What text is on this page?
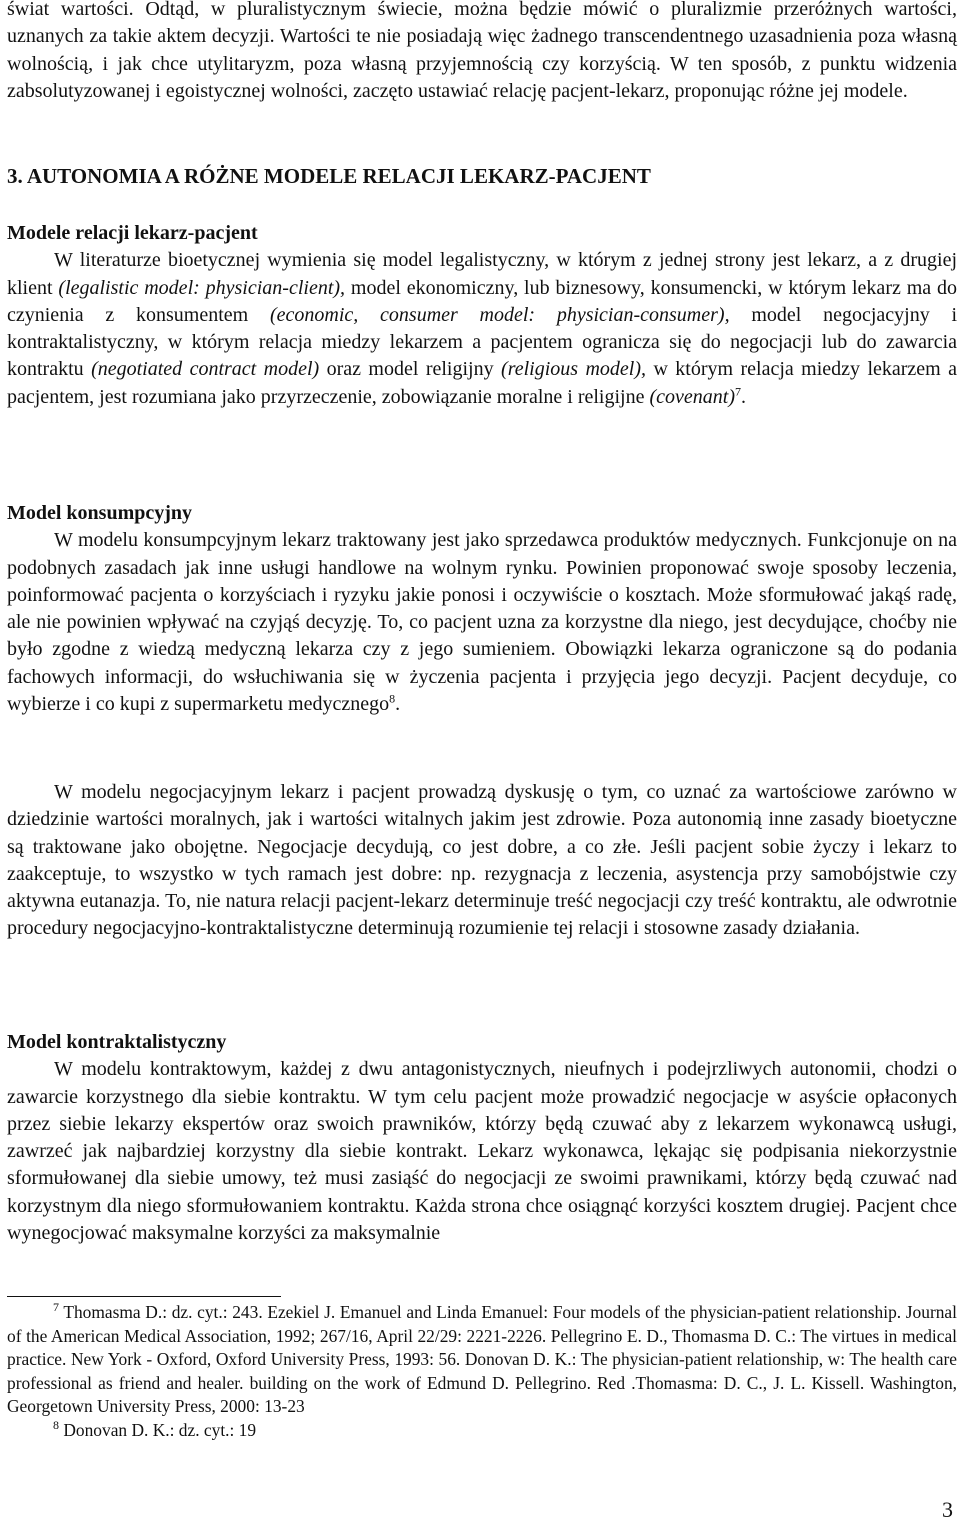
świat wartości. Odtąd, w pluralistycznym świecie, można będzie mówić o pluralizmie przeróżnych wartości, uznanych za takie aktem decyzji. Wartości te nie posiadają więc żadnego transcendentnego uzasadnienia poza własną wolnością, i jak chce utylitaryzm, poza własną przyjemnością czy korzyścią. W ten sposób, z punktu widzenia zabsolutyzowanej i egoistycznej wolności, zaczęto ustawiać relację pacjent-lekarz, proponując różne jej modele.

3. AUTONOMIA A RÓŻNE MODELE RELACJI LEKARZ-PACJENT
Modele relacji lekarz-pacjent

W literaturze bioetycznej wymienia się model legalistyczny, w którym z jednej strony jest lekarz, a z drugiej klient (legalistic model: physician-client), model ekonomiczny, lub biznesowy, konsumencki, w którym lekarz ma do czynienia z konsumentem (economic, consumer model: physician-consumer), model negocjacyjny i kontraktalistyczny, w którym relacja miedzy lekarzem a pacjentem ogranicza się do negocjacji lub do zawarcia kontraktu (negotiated contract model) oraz model religijny (religious model), w którym relacja miedzy lekarzem a pacjentem, jest rozumiana jako przyrzeczenie, zobowiązanie moralne i religijne (covenant)$^7$.

Model konsumpcyjny

W modelu konsumpcyjnym lekarz traktowany jest jako sprzedawca produktów medycznych. Funkcjonuje on na podobnych zasadach jak inne usługi handlowe na wolnym rynku. Powinien proponować swoje sposoby leczenia, poinformować pacjenta o korzyściach i ryzyku jakie ponosi i oczywiście o kosztach. Może sformułować jakąś radę, ale nie powinien wpływać na czyjąś decyzję. To, co pacjent uzna za korzystne dla niego, jest decydujące, choćby nie było zgodne z wiedzą medyczną lekarza czy z jego sumieniem. Obowiązki lekarza ograniczone są do podania fachowych informacji, do wsłuchiwania się w życzenia pacjenta i przyjęcia jego decyzji. Pacjent decyduje, co wybierze i co kupi z supermarketu medycznego$^8$.

W modelu negocjacyjnym lekarz i pacjent prowadzą dyskusję o tym, co uznać za wartościowe zarówno w dziedzinie wartości moralnych, jak i wartości witalnych jakim jest zdrowie. Poza autonomią inne zasady bioetyczne są traktowane jako obojętne. Negocjacje decydują, co jest dobre, a co złe. Jeśli pacjent sobie życzy i lekarz to zaakceptuje, to wszystko w tych ramach jest dobre: np. rezygnacja z leczenia, asystencja przy samobójstwie czy aktywna eutanazja. To, nie natura relacji pacjent-lekarz determinuje treść negocjacji czy treść kontraktu, ale odwrotnie procedury negocjacyjno-kontraktalistyczne determinują rozumienie tej relacji i stosowne zasady działania.

Model kontraktalistyczny

W modelu kontraktowym, każdej z dwu antagonistycznych, nieufnych i podejrzliwych autonomii, chodzi o zawarcie korzystnego dla siebie kontraktu. W tym celu pacjent może prowadzić negocjacje w asyście opłaconych przez siebie lekarzy ekspertów oraz swoich prawników, którzy będą czuwać aby z lekarzem wykonawcą usługi, zawrzeć jak najbardziej korzystny dla siebie kontrakt. Lekarz wykonawca, lękając się podpisania niekorzystnie sformułowanej dla siebie umowy, też musi zasiąść do negocjacji ze swoimi prawnikami, którzy będą czuwać nad korzystnym dla niego sformułowaniem kontraktu. Każda strona chce osiągnąć korzyści kosztem drugiej. Pacjent chce wynegocjować maksymalne korzyści za maksymalnie

$^7$ Thomasma D.: dz. cyt.: 243. Ezekiel J. Emanuel and Linda Emanuel: Four models of the physician-patient relationship. Journal of the American Medical Association, 1992; 267/16, April 22/29: 2221-2226. Pellegrino E. D., Thomasma D. C.: The virtues in medical practice. New York - Oxford, Oxford University Press, 1993: 56. Donovan D. K.: The physician-patient relationship, w: The health care professional as friend and healer. building on the work of Edmund D. Pellegrino. Red .Thomasma: D. C., J. L. Kissell. Washington, Georgetown University Press, 2000: 13-23

$^8$ Donovan D. K.: dz. cyt.: 19

3
